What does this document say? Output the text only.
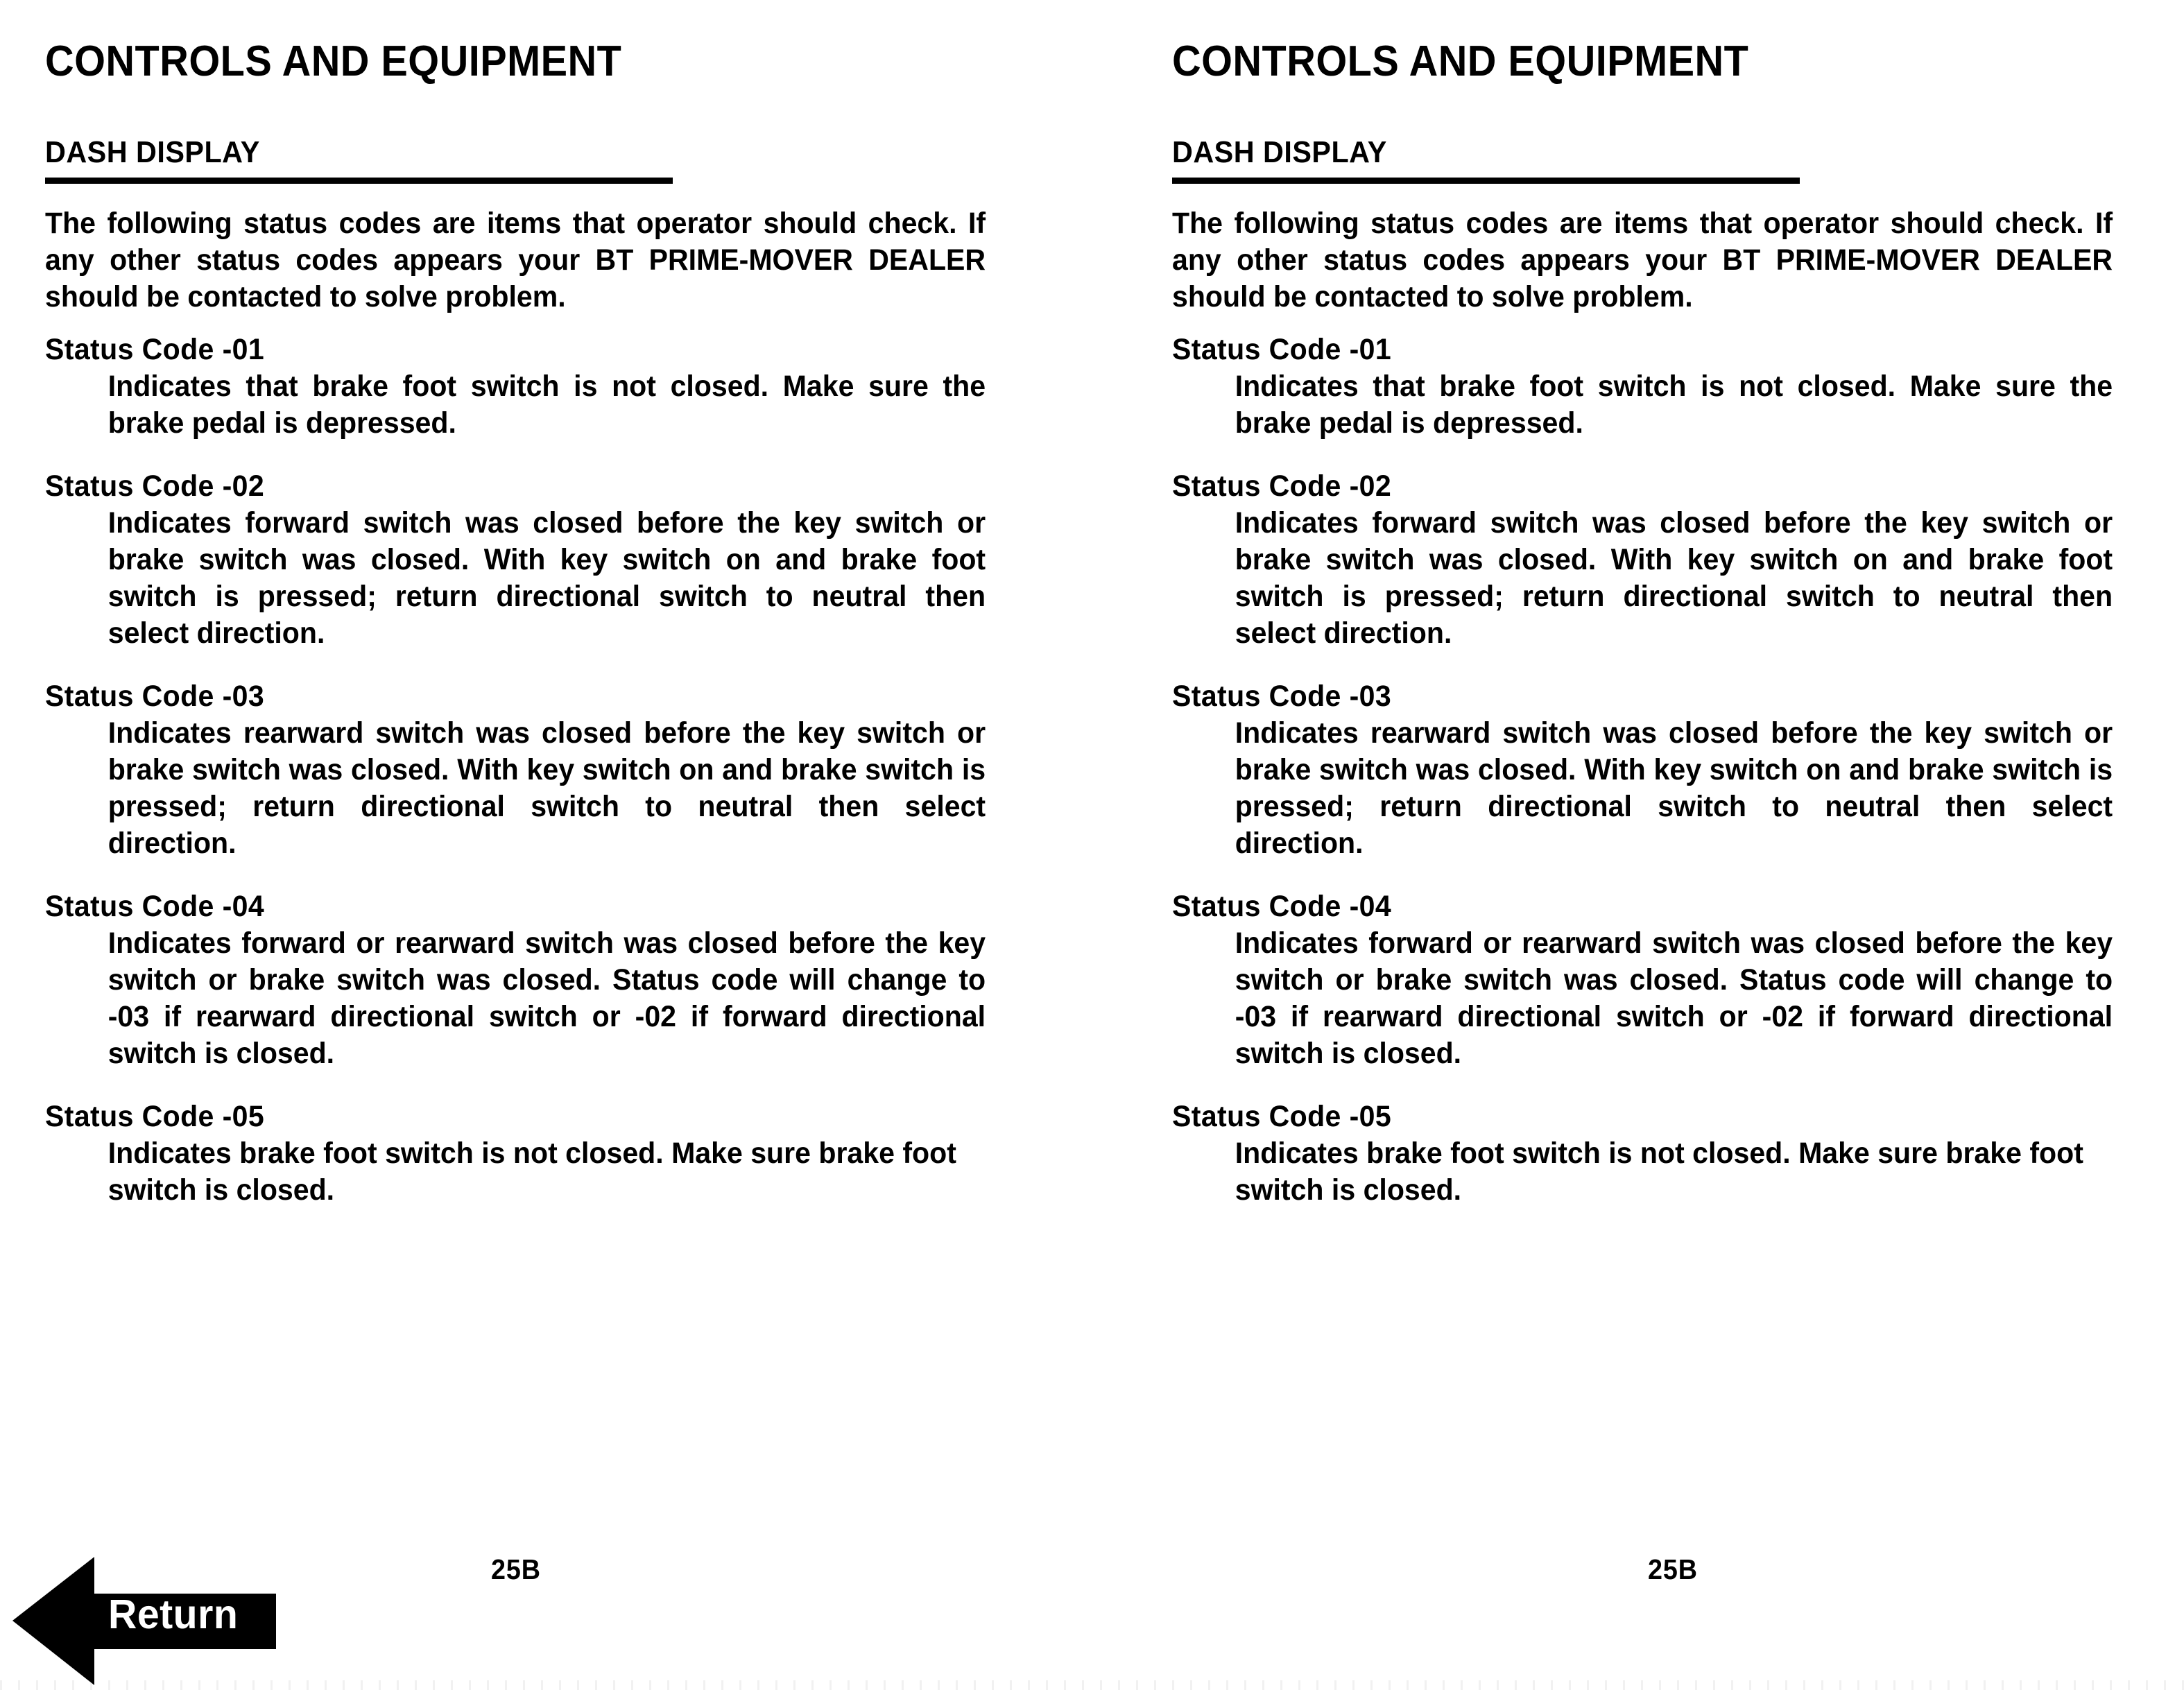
CONTROLS AND EQUIPMENT
DASH DISPLAY
The following status codes are items that operator should check. If any other status codes appears your BT PRIME-MOVER DEALER should be contacted to solve problem.
Status Code -01
Indicates that brake foot switch is not closed. Make sure the brake pedal is depressed.
Status Code -02
Indicates forward switch was closed before the key switch or brake switch was closed. With key switch on and brake foot switch is pressed; return directional switch to neutral then select direction.
Status Code -03
Indicates rearward switch was closed before the key switch or brake switch was closed. With key switch on and brake switch is pressed; return directional switch to neutral then select direction.
Status Code -04
Indicates forward or rearward switch was closed before the key switch or brake switch was closed. Status code will change to -03 if rearward directional switch or -02 if forward directional switch is closed.
Status Code -05
Indicates brake foot switch is not closed. Make sure brake foot switch is closed.
CONTROLS AND EQUIPMENT
DASH DISPLAY
The following status codes are items that operator should check. If any other status codes appears your BT PRIME-MOVER DEALER should be contacted to solve problem.
Status Code -01
Indicates that brake foot switch is not closed. Make sure the brake pedal is depressed.
Status Code -02
Indicates forward switch was closed before the key switch or brake switch was closed. With key switch on and brake foot switch is pressed; return directional switch to neutral then select direction.
Status Code -03
Indicates rearward switch was closed before the key switch or brake switch was closed. With key switch on and brake switch is pressed; return directional switch to neutral then select direction.
Status Code -04
Indicates forward or rearward switch was closed before the key switch or brake switch was closed. Status code will change to -03 if rearward directional switch or -02 if forward directional switch is closed.
Status Code -05
Indicates brake foot switch is not closed. Make sure brake foot switch is closed.
25B	25B
Return
